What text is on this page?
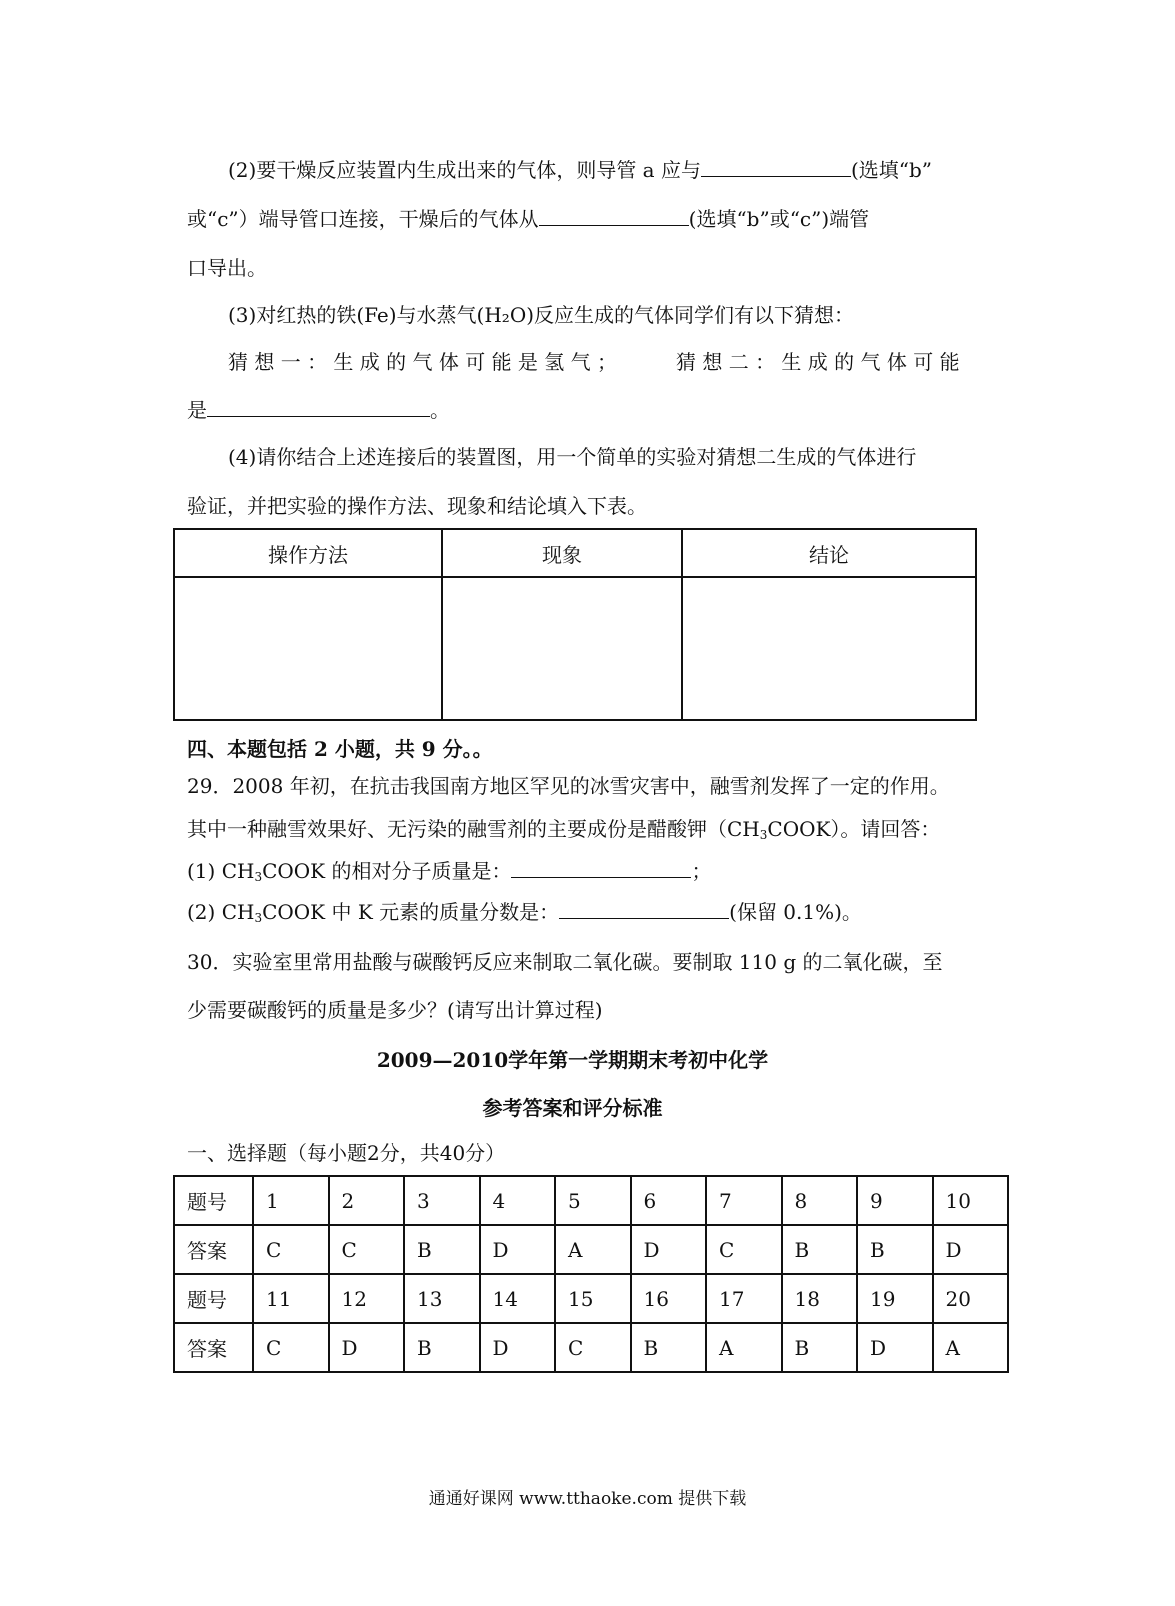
(2)要干燥反应装置内生成出来的气体，则导管 a 应与	(选填“b”
或“c”）端导管口连接，干燥后的气体从	(选填“b”或“c”)端管
口导出。
(3)对红热的铁(Fe)与水蒸气(H₂O)反应生成的气体同学们有以下猜想：
猜 想 一 ： 生 成 的 气 体 可 能 是 氢 气 ；	猜 想 二 ： 生 成 的 气 体 可 能
是	。
(4)请你结合上述连接后的装置图，用一个简单的实验对猜想二生成的气体进行
验证，并把实验的操作方法、现象和结论填入下表。
操作方法	现象	结论

四、本题包括 2 小题，共 9 分。。
29．2008 年初，在抗击我国南方地区罕见的冰雪灾害中，融雪剂发挥了一定的作用。
其中一种融雪效果好、无污染的融雪剂的主要成份是醋酸钾$(CH_3COOK)$。请回答：
(1) $CH_3COOK$ 的相对分子质量是：	；
(2) $CH_3COOK$ 中 K 元素的质量分数是：	(保留 0.1%)。
30．实验室里常用盐酸与碳酸钙反应来制取二氧化碳。要制取 110 g 的二氧化碳，至
少需要碳酸钙的质量是多少？(请写出计算过程)
2009—2010学年第一学期期末考初中化学
参考答案和评分标准
一、选择题（每小题2分，共40分）
题号	1	2	3	4	5	6	7	8	9	10
答案	C	C	B	D	A	D	C	B	B	D
题号	11	12	13	14	15	16	17	18	19	20
答案	C	D	B	D	C	B	A	B	D	A
通通好课网 www.tthaoke.com 提供下载
